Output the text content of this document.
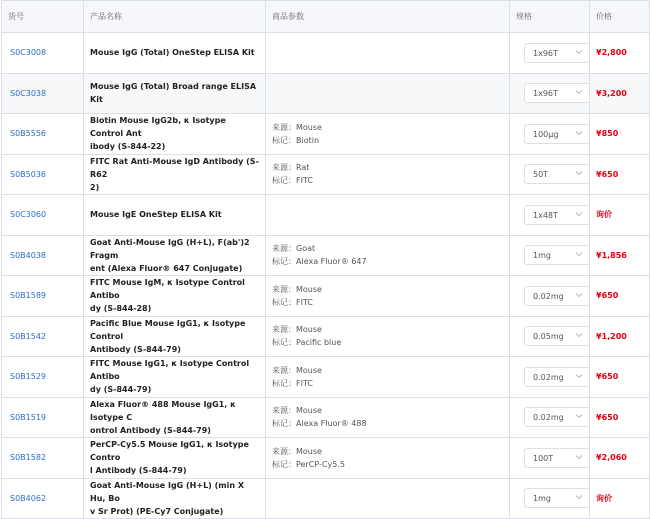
货号	产品名称	商品参数	规格	价格
S0C3008	Mouse IgG (Total) OneStep ELISA Kit		1x96T	¥2,800
S0C3038	Mouse IgG (Total) Broad range ELISA Kit		1x96T	¥3,200
S0B5556	Biotin Mouse IgG2b, κ Isotype Control Ant
ibody (S-844-22)	来源：Mouse
标记：Biotin	100μg	¥850
S0B5036	FITC Rat Anti-Mouse IgD Antibody (S-R62
2)	来源：Rat
标记：FITC	50T	¥650
S0C3060	Mouse IgE OneStep ELISA Kit		1x48T	询价
S0B4038	Goat Anti-Mouse IgG (H+L), F(ab')2 Fragm
ent (Alexa Fluor® 647 Conjugate)	来源：Goat
标记：Alexa Fluor® 647	1mg	¥1,856
S0B1589	FITC Mouse IgM, κ Isotype Control Antibo
dy (S-844-28)	来源：Mouse
标记：FITC	0.02mg	¥650
S0B1542	Pacific Blue Mouse IgG1, κ Isotype Control
Antibody (S-844-79)	来源：Mouse
标记：Pacific blue	0.05mg	¥1,200
S0B1529	FITC Mouse IgG1, κ Isotype Control Antibo
dy (S-844-79)	来源：Mouse
标记：FITC	0.02mg	¥650
S0B1519	Alexa Fluor® 488 Mouse IgG1, κ Isotype C
ontrol Antibody (S-844-79)	来源：Mouse
标记：Alexa Fluor® 488	0.02mg	¥650
S0B1582	PerCP-Cy5.5 Mouse IgG1, κ Isotype Contro
l Antibody (S-844-79)	来源：Mouse
标记：PerCP-Cy5.5	100T	¥2,060
S0B4062	Goat Anti-Mouse IgG (H+L) (min X Hu, Bo
v Sr Prot) (PE-Cy7 Conjugate)		1mg	询价
